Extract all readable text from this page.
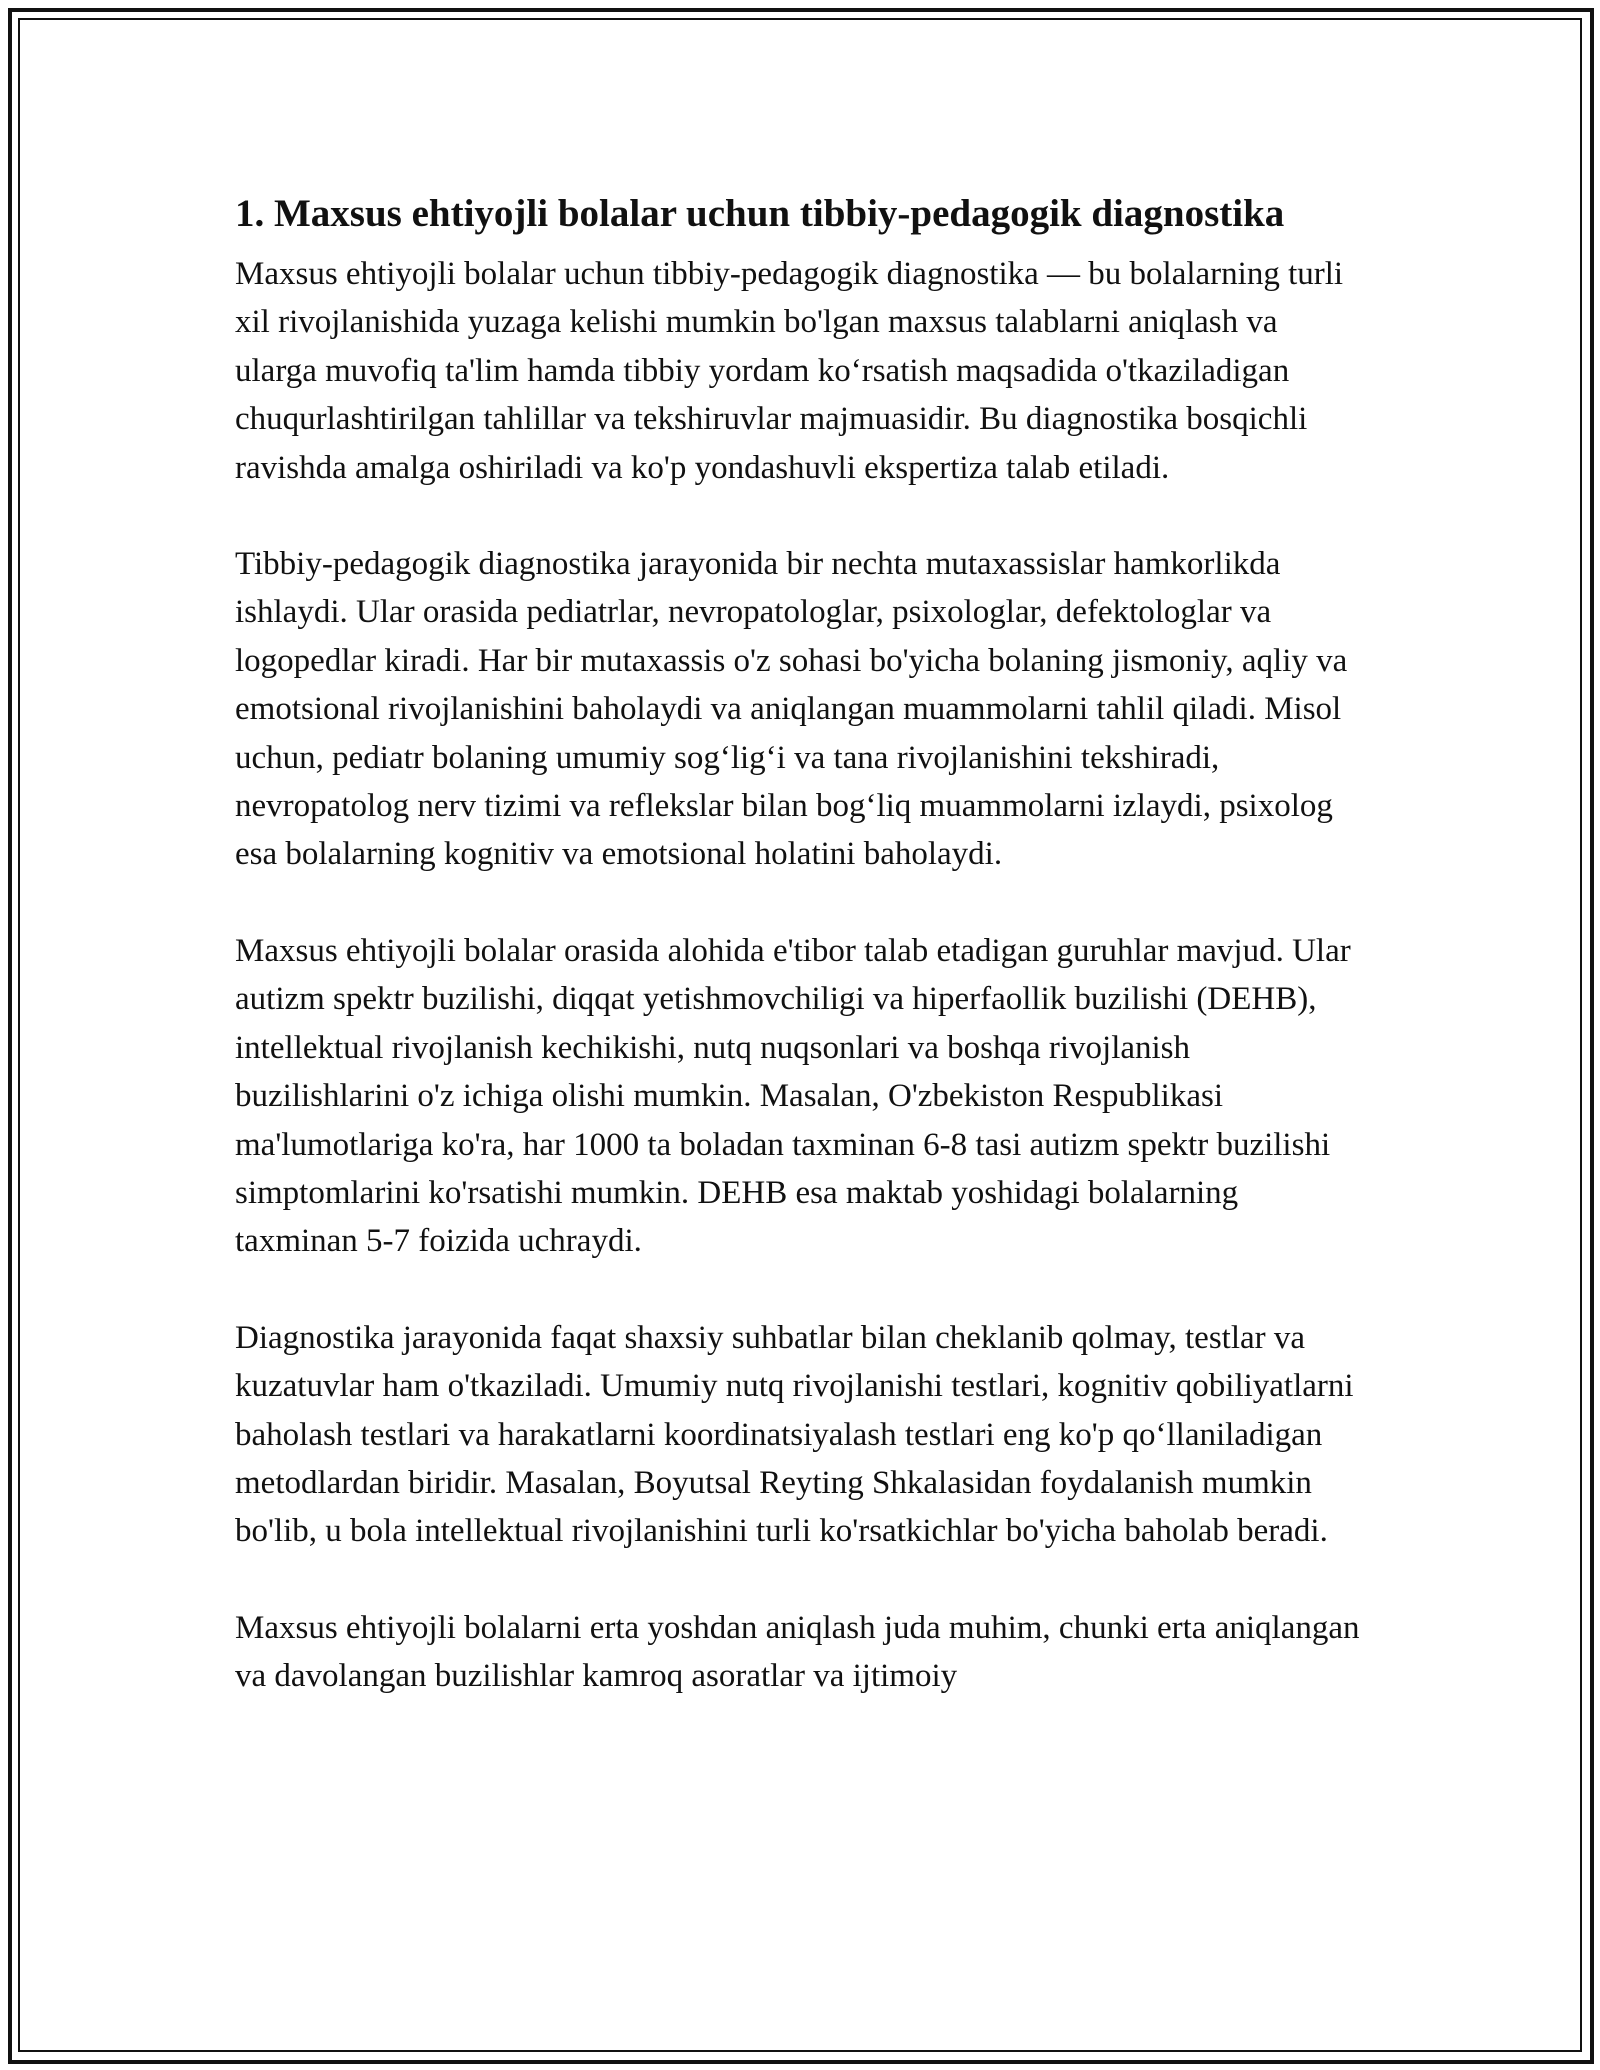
1. Maxsus ehtiyojli bolalar uchun tibbiy-pedagogik diagnostika

Maxsus ehtiyojli bolalar uchun tibbiy-pedagogik diagnostika — bu bolalarning turli xil rivojlanishida yuzaga kelishi mumkin bo'lgan maxsus talablarni aniqlash va ularga muvofiq ta'lim hamda tibbiy yordam ko‘rsatish maqsadida o'tkaziladigan chuqurlashtirilgan tahlillar va tekshiruvlar majmuasidir. Bu diagnostika bosqichli ravishda amalga oshiriladi va ko'p yondashuvli ekspertiza talab etiladi.

Tibbiy-pedagogik diagnostika jarayonida bir nechta mutaxassislar hamkorlikda ishlaydi. Ular orasida pediatrlar, nevropatologlar, psixologlar, defektologlar va logopedlar kiradi. Har bir mutaxassis o'z sohasi bo'yicha bolaning jismoniy, aqliy va emotsional rivojlanishini baholaydi va aniqlangan muammolarni tahlil qiladi. Misol uchun, pediatr bolaning umumiy sog‘lig‘i va tana rivojlanishini tekshiradi, nevropatolog nerv tizimi va reflekslar bilan bog‘liq muammolarni izlaydi, psixolog esa bolalarning kognitiv va emotsional holatini baholaydi.

Maxsus ehtiyojli bolalar orasida alohida e'tibor talab etadigan guruhlar mavjud. Ular autizm spektr buzilishi, diqqat yetishmovchiligi va hiperfaollik buzilishi (DEHB), intellektual rivojlanish kechikishi, nutq nuqsonlari va boshqa rivojlanish buzilishlarini o'z ichiga olishi mumkin. Masalan, O'zbekiston Respublikasi ma'lumotlariga ko'ra, har 1000 ta boladan taxminan 6-8 tasi autizm spektr buzilishi simptomlarini ko'rsatishi mumkin. DEHB esa maktab yoshidagi bolalarning taxminan 5-7 foizida uchraydi.

Diagnostika jarayonida faqat shaxsiy suhbatlar bilan cheklanib qolmay, testlar va kuzatuvlar ham o'tkaziladi. Umumiy nutq rivojlanishi testlari, kognitiv qobiliyatlarni baholash testlari va harakatlarni koordinatsiyalash testlari eng ko'p qo‘llaniladigan metodlardan biridir. Masalan, Boyutsal Reyting Shkalasidan foydalanish mumkin bo'lib, u bola intellektual rivojlanishini turli ko'rsatkichlar bo'yicha baholab beradi.

Maxsus ehtiyojli bolalarni erta yoshdan aniqlash juda muhim, chunki erta aniqlangan va davolangan buzilishlar kamroq asoratlar va ijtimoiy
